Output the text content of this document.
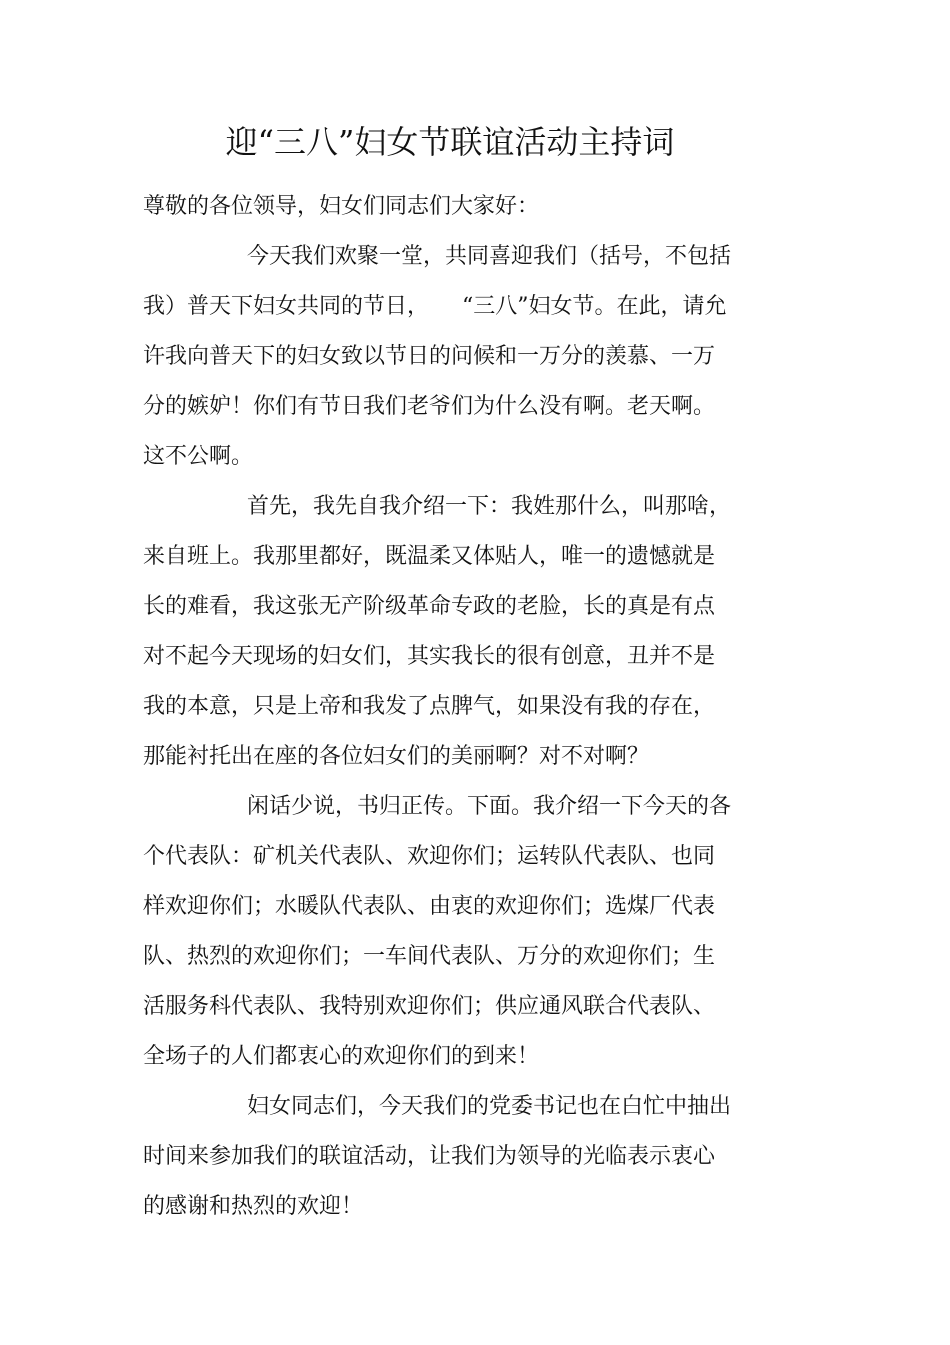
迎“三八”妇女节联谊活动主持词
尊敬的各位领导，妇女们同志们大家好：
今天我们欢聚一堂，共同喜迎我们（括号，不包括
我）普天下妇女共同的节日，　　“三八”妇女节。在此，请允
许我向普天下的妇女致以节日的问候和一万分的羡慕、一万
分的嫉妒！你们有节日我们老爷们为什么没有啊。老天啊。
这不公啊。
首先，我先自我介绍一下：我姓那什么，叫那啥，
来自班上。我那里都好，既温柔又体贴人，唯一的遗憾就是
长的难看，我这张无产阶级革命专政的老脸，长的真是有点
对不起今天现场的妇女们，其实我长的很有创意，丑并不是
我的本意，只是上帝和我发了点脾气，如果没有我的存在，
那能衬托出在座的各位妇女们的美丽啊？对不对啊？
闲话少说，书归正传。下面。我介绍一下今天的各
个代表队：矿机关代表队、欢迎你们；运转队代表队、也同
样欢迎你们；水暖队代表队、由衷的欢迎你们；选煤厂代表
队、热烈的欢迎你们；一车间代表队、万分的欢迎你们；生
活服务科代表队、我特别欢迎你们；供应通风联合代表队、
全场子的人们都衷心的欢迎你们的到来！
妇女同志们，今天我们的党委书记也在白忙中抽出
时间来参加我们的联谊活动，让我们为领导的光临表示衷心
的感谢和热烈的欢迎！
